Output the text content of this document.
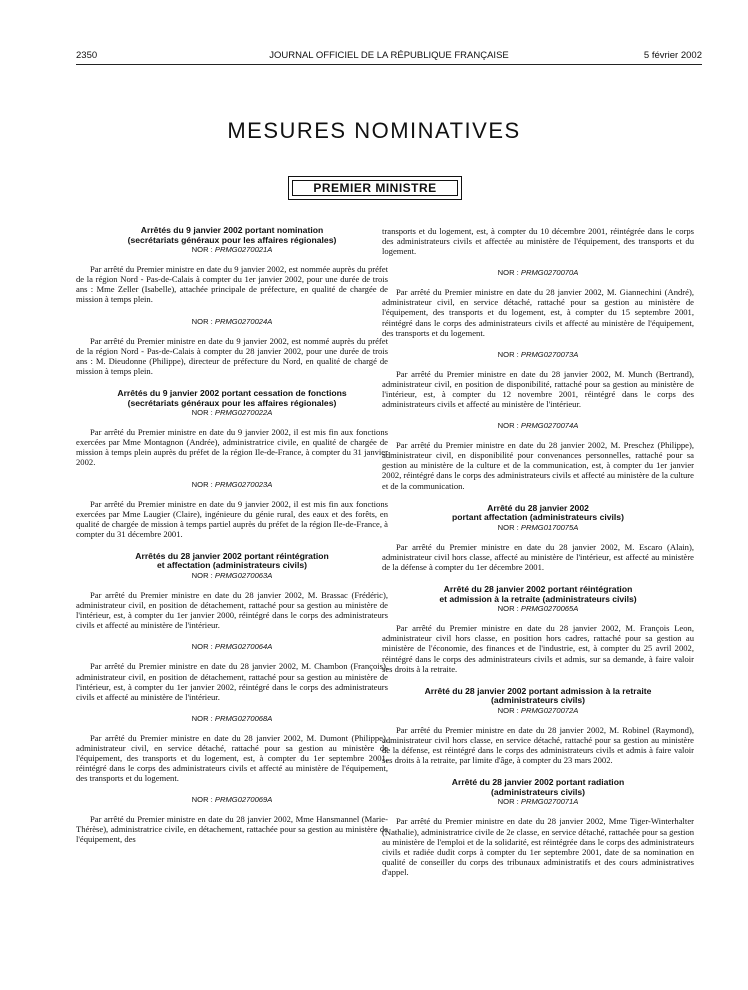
2350	JOURNAL OFFICIEL DE LA RÉPUBLIQUE FRANÇAISE	5 février 2002
MESURES NOMINATIVES
PREMIER MINISTRE

Arrêtés du 9 janvier 2002 portant nomination

(secrétariats généraux pour les affaires régionales)

NOR : PRMG0270021A

Par arrêté du Premier ministre en date du 9 janvier 2002, est nommée auprès du préfet de la région Nord - Pas-de-Calais à compter du 1er janvier 2002, pour une durée de trois ans : Mme Zeller (Isabelle), attachée principale de préfecture, en qualité de chargée de mission à temps plein.

NOR : PRMG0270024A

Par arrêté du Premier ministre en date du 9 janvier 2002, est nommé auprès du préfet de la région Nord - Pas-de-Calais à compter du 28 janvier 2002, pour une durée de trois ans : M. Dieudonne (Philippe), directeur de préfecture du Nord, en qualité de chargé de mission à temps plein.

Arrêtés du 9 janvier 2002 portant cessation de fonctions

(secrétariats généraux pour les affaires régionales)

NOR : PRMG0270022A

Par arrêté du Premier ministre en date du 9 janvier 2002, il est mis fin aux fonctions exercées par Mme Montagnon (Andrée), administratrice civile, en qualité de chargée de mission à temps plein auprès du préfet de la région Ile-de-France, à compter du 31 janvier 2002.

NOR : PRMG0270023A

Par arrêté du Premier ministre en date du 9 janvier 2002, il est mis fin aux fonctions exercées par Mme Laugier (Claire), ingénieure du génie rural, des eaux et des forêts, en qualité de chargée de mission à temps partiel auprès du préfet de la région Ile-de-France, à compter du 31 décembre 2001.

Arrêtés du 28 janvier 2002 portant réintégration

et affectation (administrateurs civils)

NOR : PRMG0270063A

Par arrêté du Premier ministre en date du 28 janvier 2002, M. Brassac (Frédéric), administrateur civil, en position de détachement, rattaché pour sa gestion au ministère de l'intérieur, est, à compter du 1er janvier 2000, réintégré dans le corps des administrateurs civils et affecté au ministère de l'intérieur.

NOR : PRMG0270064A

Par arrêté du Premier ministre en date du 28 janvier 2002, M. Chambon (François), administrateur civil, en position de détachement, rattaché pour sa gestion au ministère de l'intérieur, est, à compter du 1er janvier 2002, réintégré dans le corps des administrateurs civils et affecté au ministère de l'intérieur.

NOR : PRMG0270068A

Par arrêté du Premier ministre en date du 28 janvier 2002, M. Dumont (Philippe), administrateur civil, en service détaché, rattaché pour sa gestion au ministère de l'équipement, des transports et du logement, est, à compter du 1er septembre 2001, réintégré dans le corps des administrateurs civils et affecté au ministère de l'équipement, des transports et du logement.

NOR : PRMG0270069A

Par arrêté du Premier ministre en date du 28 janvier 2002, Mme Hansmannel (Marie-Thérèse), administratrice civile, en détachement, rattachée pour sa gestion au ministère de l'équipement, des

transports et du logement, est, à compter du 10 décembre 2001, réintégrée dans le corps des administrateurs civils et affectée au ministère de l'équipement, des transports et du logement.

NOR : PRMG0270070A

Par arrêté du Premier ministre en date du 28 janvier 2002, M. Giannechini (André), administrateur civil, en service détaché, rattaché pour sa gestion au ministère de l'équipement, des transports et du logement, est, à compter du 15 septembre 2001, réintégré dans le corps des administrateurs civils et affecté au ministère de l'équipement, des transports et du logement.

NOR : PRMG0270073A

Par arrêté du Premier ministre en date du 28 janvier 2002, M. Munch (Bertrand), administrateur civil, en position de disponibilité, rattaché pour sa gestion au ministère de l'intérieur, est, à compter du 12 novembre 2001, réintégré dans le corps des administrateurs civils et affecté au ministère de l'intérieur.

NOR : PRMG0270074A

Par arrêté du Premier ministre en date du 28 janvier 2002, M. Preschez (Philippe), administrateur civil, en disponibilité pour convenances personnelles, rattaché pour sa gestion au ministère de la culture et de la communication, est, à compter du 1er janvier 2002, réintégré dans le corps des administrateurs civils et affecté au ministère de la culture et de la communication.

Arrêté du 28 janvier 2002

portant affectation (administrateurs civils)

NOR : PRMG0170075A

Par arrêté du Premier ministre en date du 28 janvier 2002, M. Escaro (Alain), administrateur civil hors classe, affecté au ministère de l'intérieur, est affecté au ministère de la défense à compter du 1er décembre 2001.

Arrêté du 28 janvier 2002 portant réintégration

et admission à la retraite (administrateurs civils)

NOR : PRMG0270065A

Par arrêté du Premier ministre en date du 28 janvier 2002, M. François Leon, administrateur civil hors classe, en position hors cadres, rattaché pour sa gestion au ministère de l'économie, des finances et de l'industrie, est, à compter du 25 avril 2002, réintégré dans le corps des administrateurs civils et admis, sur sa demande, à faire valoir ses droits à la retraite.

Arrêté du 28 janvier 2002 portant admission à la retraite

(administrateurs civils)

NOR : PRMG0270072A

Par arrêté du Premier ministre en date du 28 janvier 2002, M. Robinel (Raymond), administrateur civil hors classe, en service détaché, rattaché pour sa gestion au ministère de la défense, est réintégré dans le corps des administrateurs civils et admis à faire valoir ses droits à la retraite, par limite d'âge, à compter du 23 mars 2002.

Arrêté du 28 janvier 2002 portant radiation

(administrateurs civils)

NOR : PRMG0270071A

Par arrêté du Premier ministre en date du 28 janvier 2002, Mme Tiger-Winterhalter (Nathalie), administratrice civile de 2e classe, en service détaché, rattachée pour sa gestion au ministère de l'emploi et de la solidarité, est réintégrée dans le corps des administrateurs civils et radiée dudit corps à compter du 1er septembre 2001, date de sa nomination en qualité de conseiller du corps des tribunaux administratifs et des cours administratives d'appel.
